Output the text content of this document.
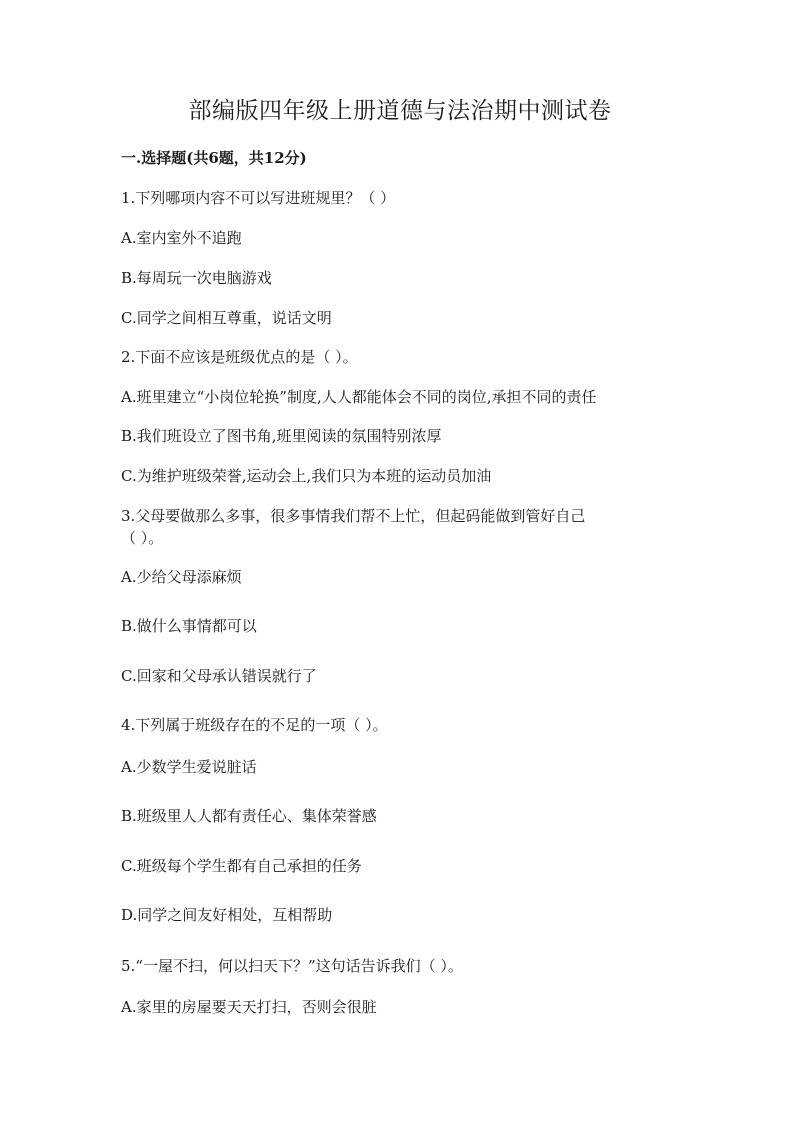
部编版四年级上册道德与法治期中测试卷
一.选择题(共6题，共12分)
1.下列哪项内容不可以写进班规里？（ ）
A.室内室外不追跑
B.每周玩一次电脑游戏
C.同学之间相互尊重，说话文明
2.下面不应该是班级优点的是（ ）。
A.班里建立“小岗位轮换”制度,人人都能体会不同的岗位,承担不同的责任
B.我们班设立了图书角,班里阅读的氛围特别浓厚
C.为维护班级荣誉,运动会上,我们只为本班的运动员加油
3.父母要做那么多事，很多事情我们帮不上忙，但起码能做到管好自己
（ ）。
A.少给父母添麻烦
B.做什么事情都可以
C.回家和父母承认错误就行了
4.下列属于班级存在的不足的一项（ ）。
A.少数学生爱说脏话
B.班级里人人都有责任心、集体荣誉感
C.班级每个学生都有自己承担的任务
D.同学之间友好相处，互相帮助
5.“一屋不扫，何以扫天下？”这句话告诉我们（ ）。
A.家里的房屋要天天打扫，否则会很脏
